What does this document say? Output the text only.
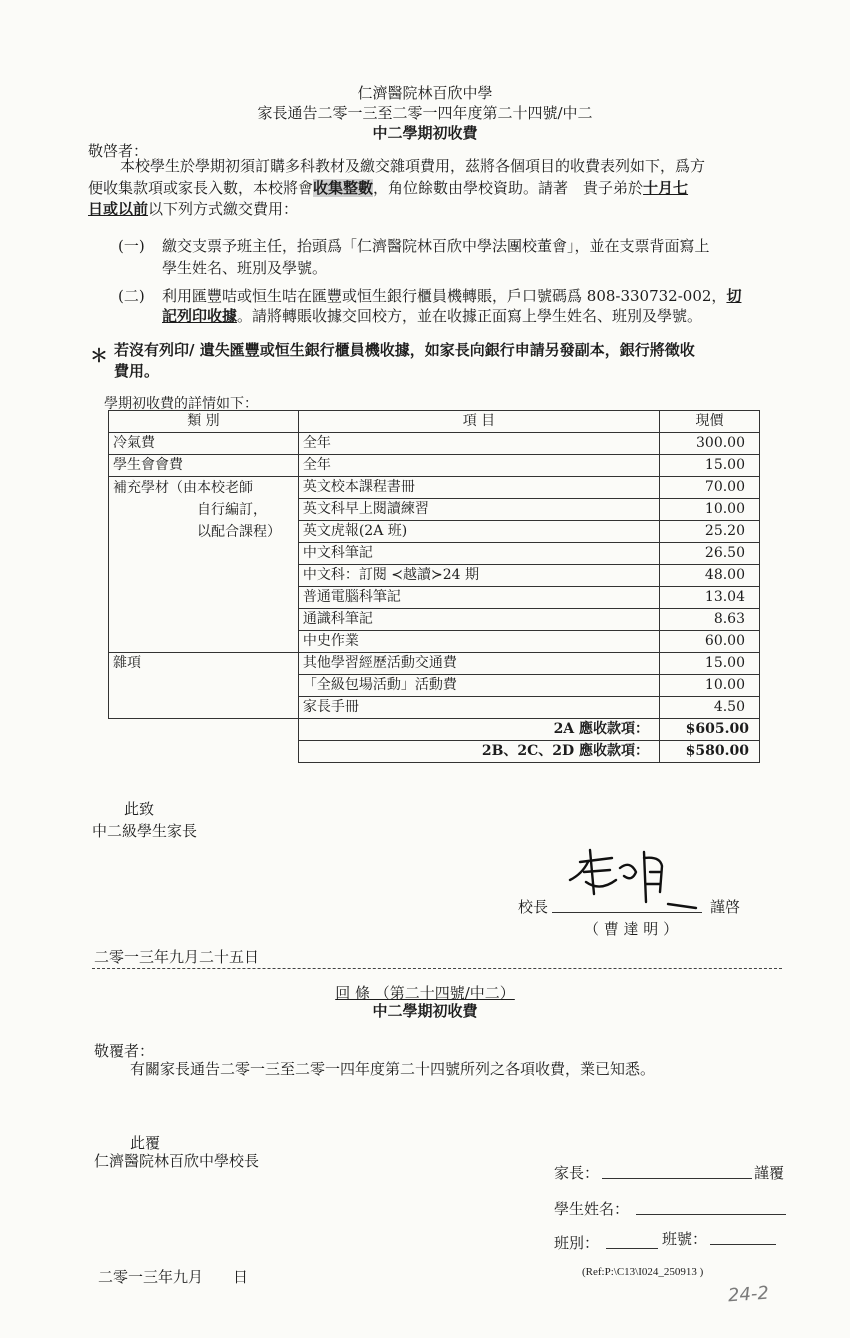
仁濟醫院林百欣中學
家長通告二零一三至二零一四年度第二十四號/中二
中二學期初收費
敬啓者：
本校學生於學期初須訂購多科教材及繳交雜項費用，茲將各個項目的收費表列如下，爲方
便收集款項或家長入數，本校將會收集整數，角位餘數由學校資助。請著　貴子弟於十月七
日或以前以下列方式繳交費用：
(一) 繳交支票予班主任，抬頭爲「仁濟醫院林百欣中學法團校董會」，並在支票背面寫上
學生姓名、班別及學號。
(二) 利用匯豐咭或恒生咭在匯豐或恒生銀行櫃員機轉賬，戶口號碼爲 808-330732-002，切
記列印收據。請將轉賬收據交回校方，並在收據正面寫上學生姓名、班別及學號。
＊ 若沒有列印/ 遺失匯豐或恒生銀行櫃員機收據，如家長向銀行申請另發副本，銀行將徵收
費用。
學期初收費的詳情如下：
類 別	項 目	現價
冷氣費	全年	300.00
學生會會費	全年	15.00

補充學材（由本校老師
自行編訂，
以配合課程）	英文校本課程書冊	70.00
	英文科早上閱讀練習	10.00
	英文虎報(2A 班)	25.20
	中文科筆記	26.50
	中文科：訂閱 ≺越讀≻24 期	48.00
	普通電腦科筆記	13.04
	通識科筆記	8.63
	中史作業	60.00
雜項	其他學習經歷活動交通費	15.00
	「全級包場活動」活動費	10.00
	家長手冊	4.50
	2A 應收款項：	$605.00
	2B、2C、2D 應收款項：	$580.00
此致
中二級學生家長
校長	謹啓
（ 曹 達 明 ）
二零一三年九月二十五日
回 條 （第二十四號/中二）
中二學期初收費
敬覆者：
有關家長通告二零一三至二零一四年度第二十四號所列之各項收費，業已知悉。
此覆
仁濟醫院林百欣中學校長
家長：	謹覆
學生姓名：
班別：	班號：
二零一三年九月　　日	(Ref:P:\C13\I024_250913 )
24-2
